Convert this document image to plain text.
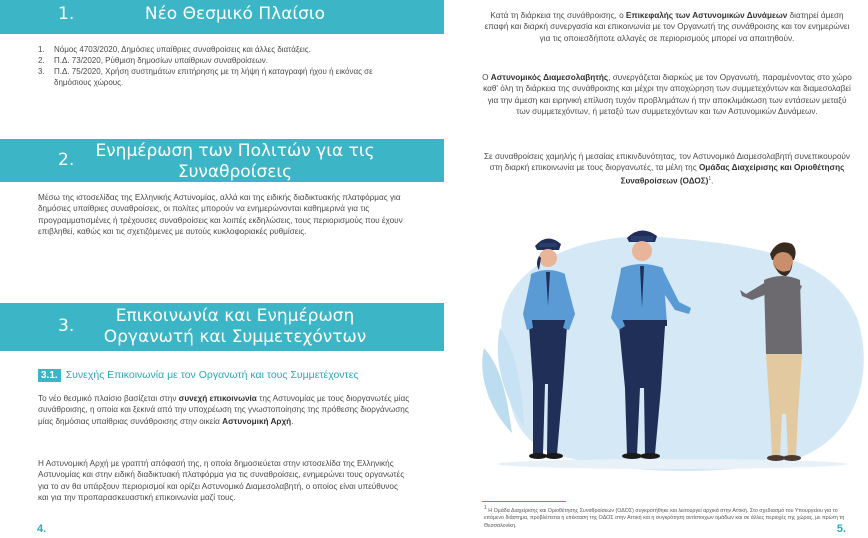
1.	Νέο Θεσμικό Πλαίσιο
1. Νόμος 4703/2020, Δημόσιες υπαίθριες συναθροίσεις και άλλες διατάξεις.
2. Π.Δ. 73/2020, Ρύθμιση δημοσίων υπαίθριων συναθροίσεων.
3. Π.Δ. 75/2020, Χρήση συστημάτων επιτήρησης με τη λήψη ή καταγραφή ήχου ή εικόνας σε δημόσιους χώρους.
2.	Ενημέρωση των Πολιτών για τις Συναθροίσεις

Μέσω της ιστοσελίδας της Ελληνικής Αστυνομίας, αλλά και της ειδικής διαδικτυακής πλατφόρμας για δημόσιες υπαίθριες συναθροίσεις, οι πολίτες μπορούν να ενημερώνονται καθημερινά για τις προγραμματισμένες ή τρέχουσες συναθροίσεις και λοιπές εκδηλώσεις, τους περιορισμούς που έχουν επιβληθεί, καθώς και τις σχετιζόμενες με αυτούς κυκλοφοριακές ρυθμίσεις.

3.	Επικοινωνία και Ενημέρωση Οργανωτή και Συμμετεχόντων
3.1. Συνεχής Επικοινωνία με τον Οργανωτή και τους Συμμετέχοντες

Το νέο θεσμικό πλαίσιο βασίζεται στην συνεχή επικοινωνία της Αστυνομίας με τους διοργανωτές μίας συνάθροισης, η οποία και ξεκινά από την υποχρέωση της γνωστοποίησης της πρόθεσης διοργάνωσης μίας δημόσιας υπαίθριας συνάθροισης στην οικεία Αστυνομική Αρχή.

Η Αστυνομική Αρχή με γραπτή απόφασή της, η οποία δημοσιεύεται στην ιστοσελίδα της Ελληνικής Αστυνομίας και στην ειδική διαδικτυακή πλατφόρμα για τις συναθροίσεις, ενημερώνει τους οργανωτές για το αν θα υπάρξουν περιορισμοί και ορίζει Αστυνομικό Διαμεσολαβητή, ο οποίος είναι υπεύθυνος και για την προπαρασκευαστική επικοινωνία μαζί τους.

4.

Κατά τη διάρκεια της συνάθροισης, ο Επικεφαλής των Αστυνομικών Δυνάμεων διατηρεί άμεση επαφή και διαρκή συνεργασία και επικοινωνία με τον Οργανωτή της συνάθροισης και τον ενημερώνει για τις οποιεσδήποτε αλλαγές σε περιορισμούς μπορεί να απαιτηθούν.

Ο Αστυνομικός Διαμεσολαβητής, συνεργάζεται διαρκώς με τον Οργανωτή, παραμένοντας στο χώρο καθ' όλη τη διάρκεια της συνάθροισης και μέχρι την αποχώρηση των συμμετεχόντων και διαμεσολαβεί για την άμεση και ειρηνική επίλυση τυχόν προβλημάτων ή την αποκλιμάκωση των εντάσεων μεταξύ των συμμετεχόντων, ή μεταξύ των συμμετεχόντων και των Αστυνομικών Δυνάμεων.

Σε συναθροίσεις χαμηλής ή μεσαίας επικινδυνότητας, τον Αστυνομικό Διαμεσολαβητή συνεπικουρούν στη διαρκή επικοινωνία με τους διοργανωτές, τα μέλη της Ομάδας Διαχείρισης και Οριοθέτησης Συναθροίσεων $(O\Delta O\Sigma)^1$.

$^1$ Η Ομάδα Διαχείρισης και Οριοθέτησης Συναθροίσεων (ΟΔΟΣ) συγκροτήθηκε και λειτουργεί αρχικά στην Αττική. Στο σχεδιασμό του Υπουργείου για το επόμενο διάστημα, προβλέπεται η επέκταση της ΟΔΟΣ στην Αττική και η συγκρότηση αντίστοιχων ομάδων και σε άλλες περιοχές της χώρας, με πρώτη τη Θεσσαλονίκη.	5.
